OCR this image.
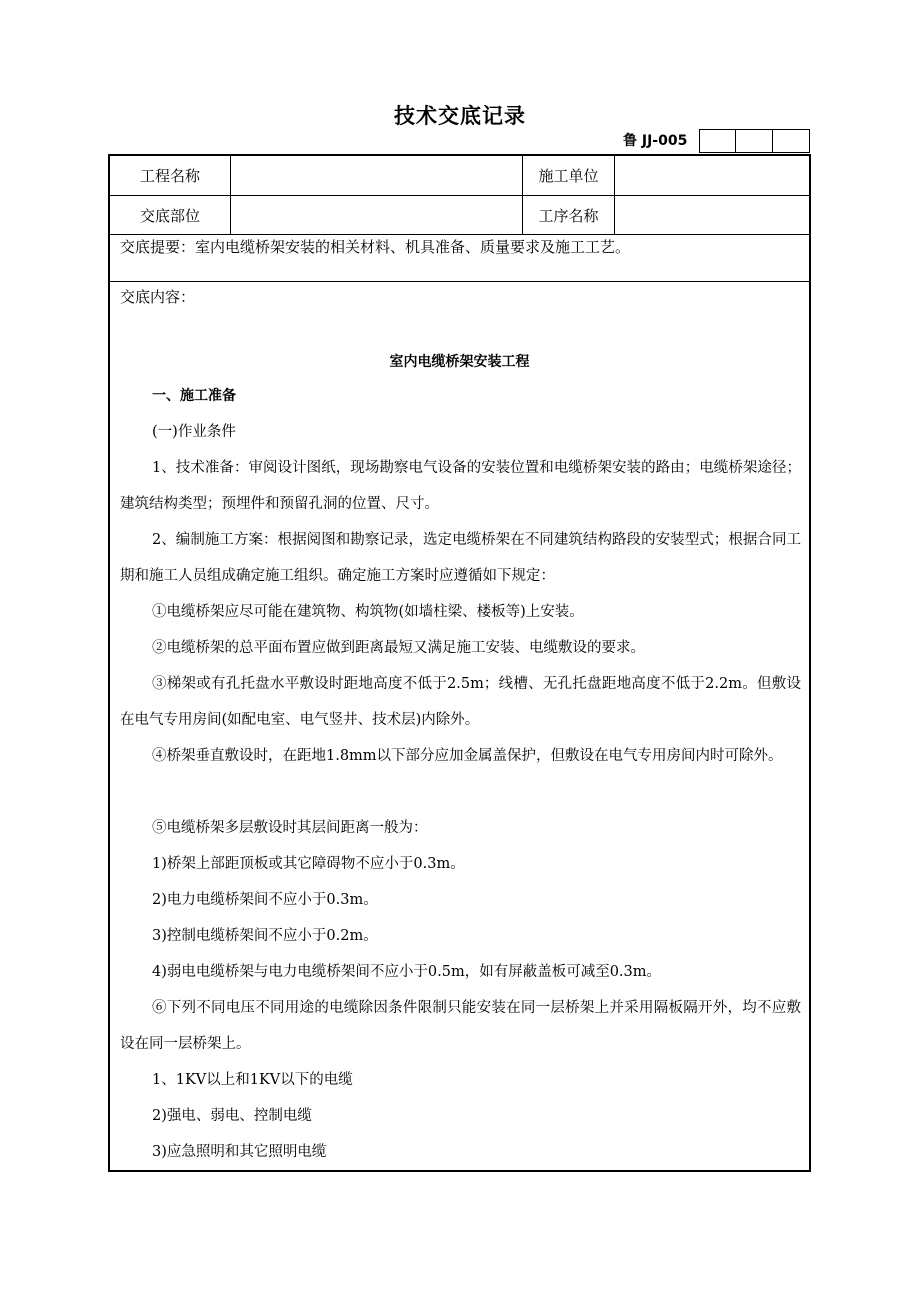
技术交底记录
鲁 JJ-005
工程名称	施工单位
交底部位	工序名称
交底提要：室内电缆桥架安装的相关材料、机具准备、质量要求及施工工艺。
交底内容：
室内电缆桥架安装工程
一、施工准备
(一)作业条件
1、技术准备：审阅设计图纸，现场勘察电气设备的安装位置和电缆桥架安装的路由；电缆桥架途径；建筑结构类型；预埋件和预留孔洞的位置、尺寸。
2、编制施工方案：根据阅图和勘察记录，选定电缆桥架在不同建筑结构路段的安装型式；根据合同工期和施工人员组成确定施工组织。确定施工方案时应遵循如下规定：
①电缆桥架应尽可能在建筑物、构筑物(如墙柱梁、楼板等)上安装。
②电缆桥架的总平面布置应做到距离最短又满足施工安装、电缆敷设的要求。
③梯架或有孔托盘水平敷设时距地高度不低于2.5m；线槽、无孔托盘距地高度不低于2.2m。但敷设在电气专用房间(如配电室、电气竖井、技术层)内除外。
④桥架垂直敷设时，在距地1.8mm以下部分应加金属盖保护，但敷设在电气专用房间内时可除外。
⑤电缆桥架多层敷设时其层间距离一般为：
1)桥架上部距顶板或其它障碍物不应小于0.3m。
2)电力电缆桥架间不应小于0.3m。
3)控制电缆桥架间不应小于0.2m。
4)弱电电缆桥架与电力电缆桥架间不应小于0.5m，如有屏蔽盖板可减至0.3m。
⑥下列不同电压不同用途的电缆除因条件限制只能安装在同一层桥架上并采用隔板隔开外，均不应敷设在同一层桥架上。
1、1KV以上和1KV以下的电缆
2)强电、弱电、控制电缆
3)应急照明和其它照明电缆
